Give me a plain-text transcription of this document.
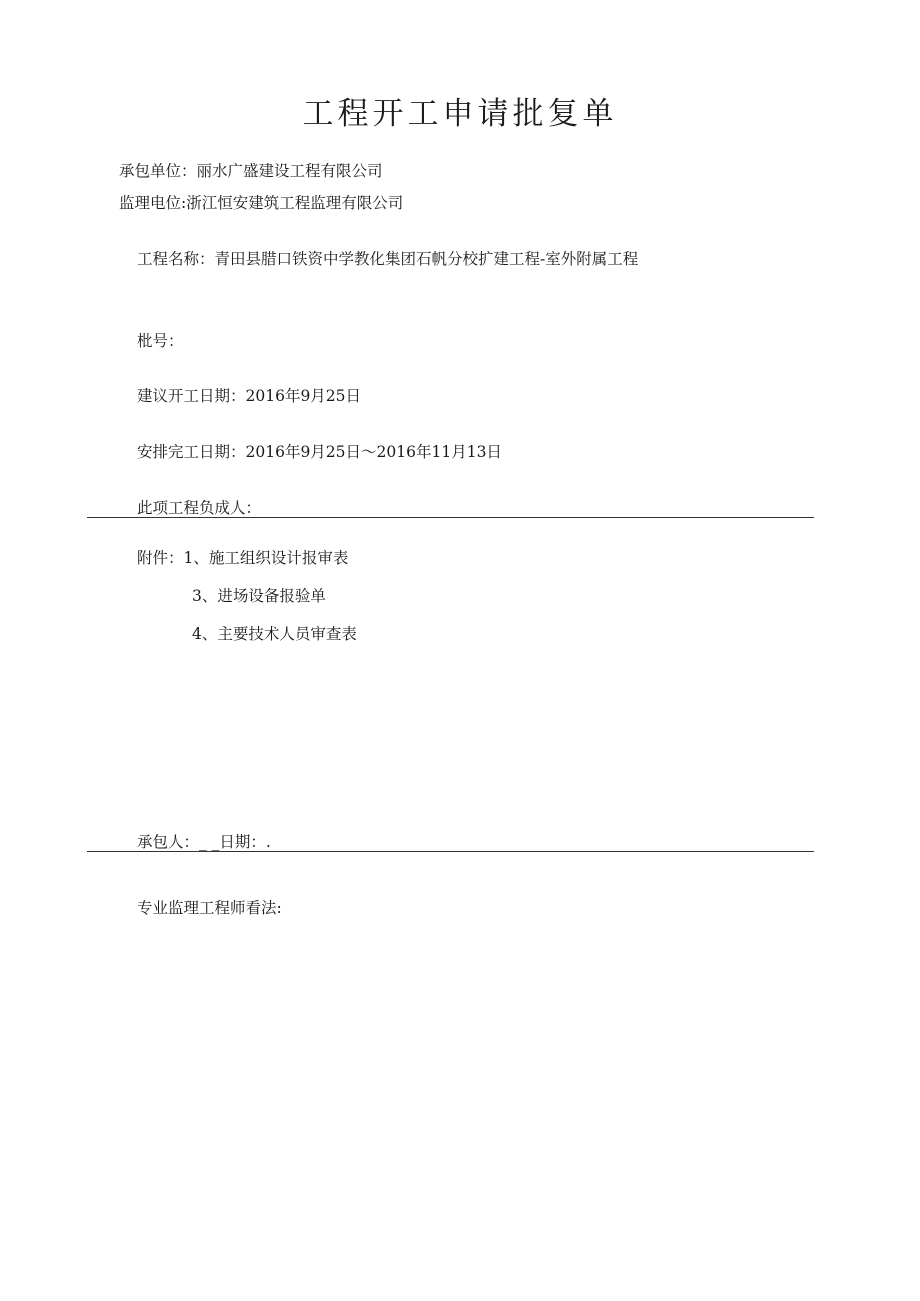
工程开工申请批复单
承包单位：丽水广盛建设工程有限公司
监理电位:浙江恒安建筑工程监理有限公司
工程名称：青田县腊口铁资中学教化集团石帆分校扩建工程-室外附属工程
枇号：
建议开工日期：2016年9月25日
安排完工日期：2016年9月25日～2016年11月13日
此项工程负成人：
附件：1、施工组织设计报审表
3、进场设备报验单
4、主要技术人员审查表
承包人：_ _日期：.
专业监理工程师看法:
